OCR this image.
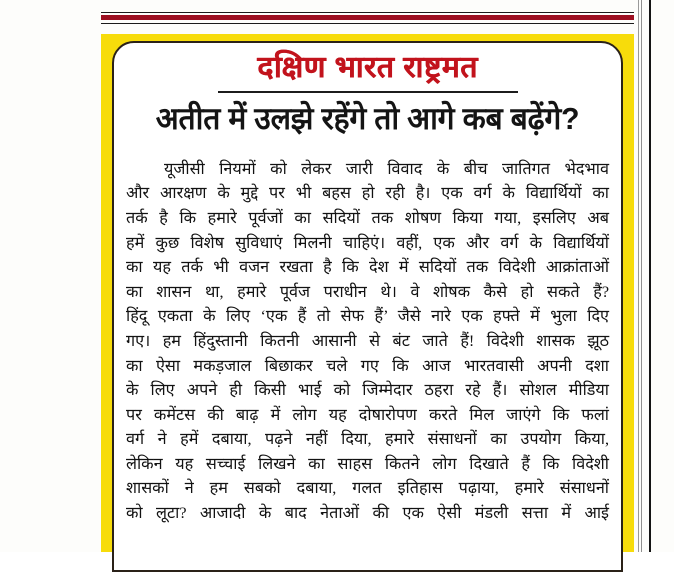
दक्षिण भारत राष्ट्रमत
अतीत में उलझे रहेंगे तो आगे कब बढ़ेंगे?

यूजीसी नियमों को लेकर जारी विवाद के बीच जातिगत भेदभाव
और आरक्षण के मुद्दे पर भी बहस हो रही है। एक वर्ग के विद्यार्थियों का
तर्क है कि हमारे पूर्वजों का सदियों तक शोषण किया गया, इसलिए अब
हमें कुछ विशेष सुविधाएं मिलनी चाहिएं। वहीं, एक और वर्ग के विद्यार्थियों
का यह तर्क भी वजन रखता है कि देश में सदियों तक विदेशी आक्रांताओं
का शासन था, हमारे पूर्वज पराधीन थे। वे शोषक कैसे हो सकते हैं?
हिंदू एकता के लिए ‘एक हैं तो सेफ हैं’ जैसे नारे एक हफ्ते में भुला दिए
गए। हम हिंदुस्तानी कितनी आसानी से बंट जाते हैं! विदेशी शासक झूठ
का ऐसा मकड़जाल बिछाकर चले गए कि आज भारतवासी अपनी दशा
के लिए अपने ही किसी भाई को जिम्मेदार ठहरा रहे हैं। सोशल मीडिया
पर कमेंटस की बाढ़ में लोग यह दोषारोपण करते मिल जाएंगे कि फलां
वर्ग ने हमें दबाया, पढ़ने नहीं दिया, हमारे संसाधनों का उपयोग किया,
लेकिन यह सच्चाई लिखने का साहस कितने लोग दिखाते हैं कि विदेशी
शासकों ने हम सबको दबाया, गलत इतिहास पढ़ाया, हमारे संसाधनों
को लूटा? आजादी के बाद नेताओं की एक ऐसी मंडली सत्ता में आई
